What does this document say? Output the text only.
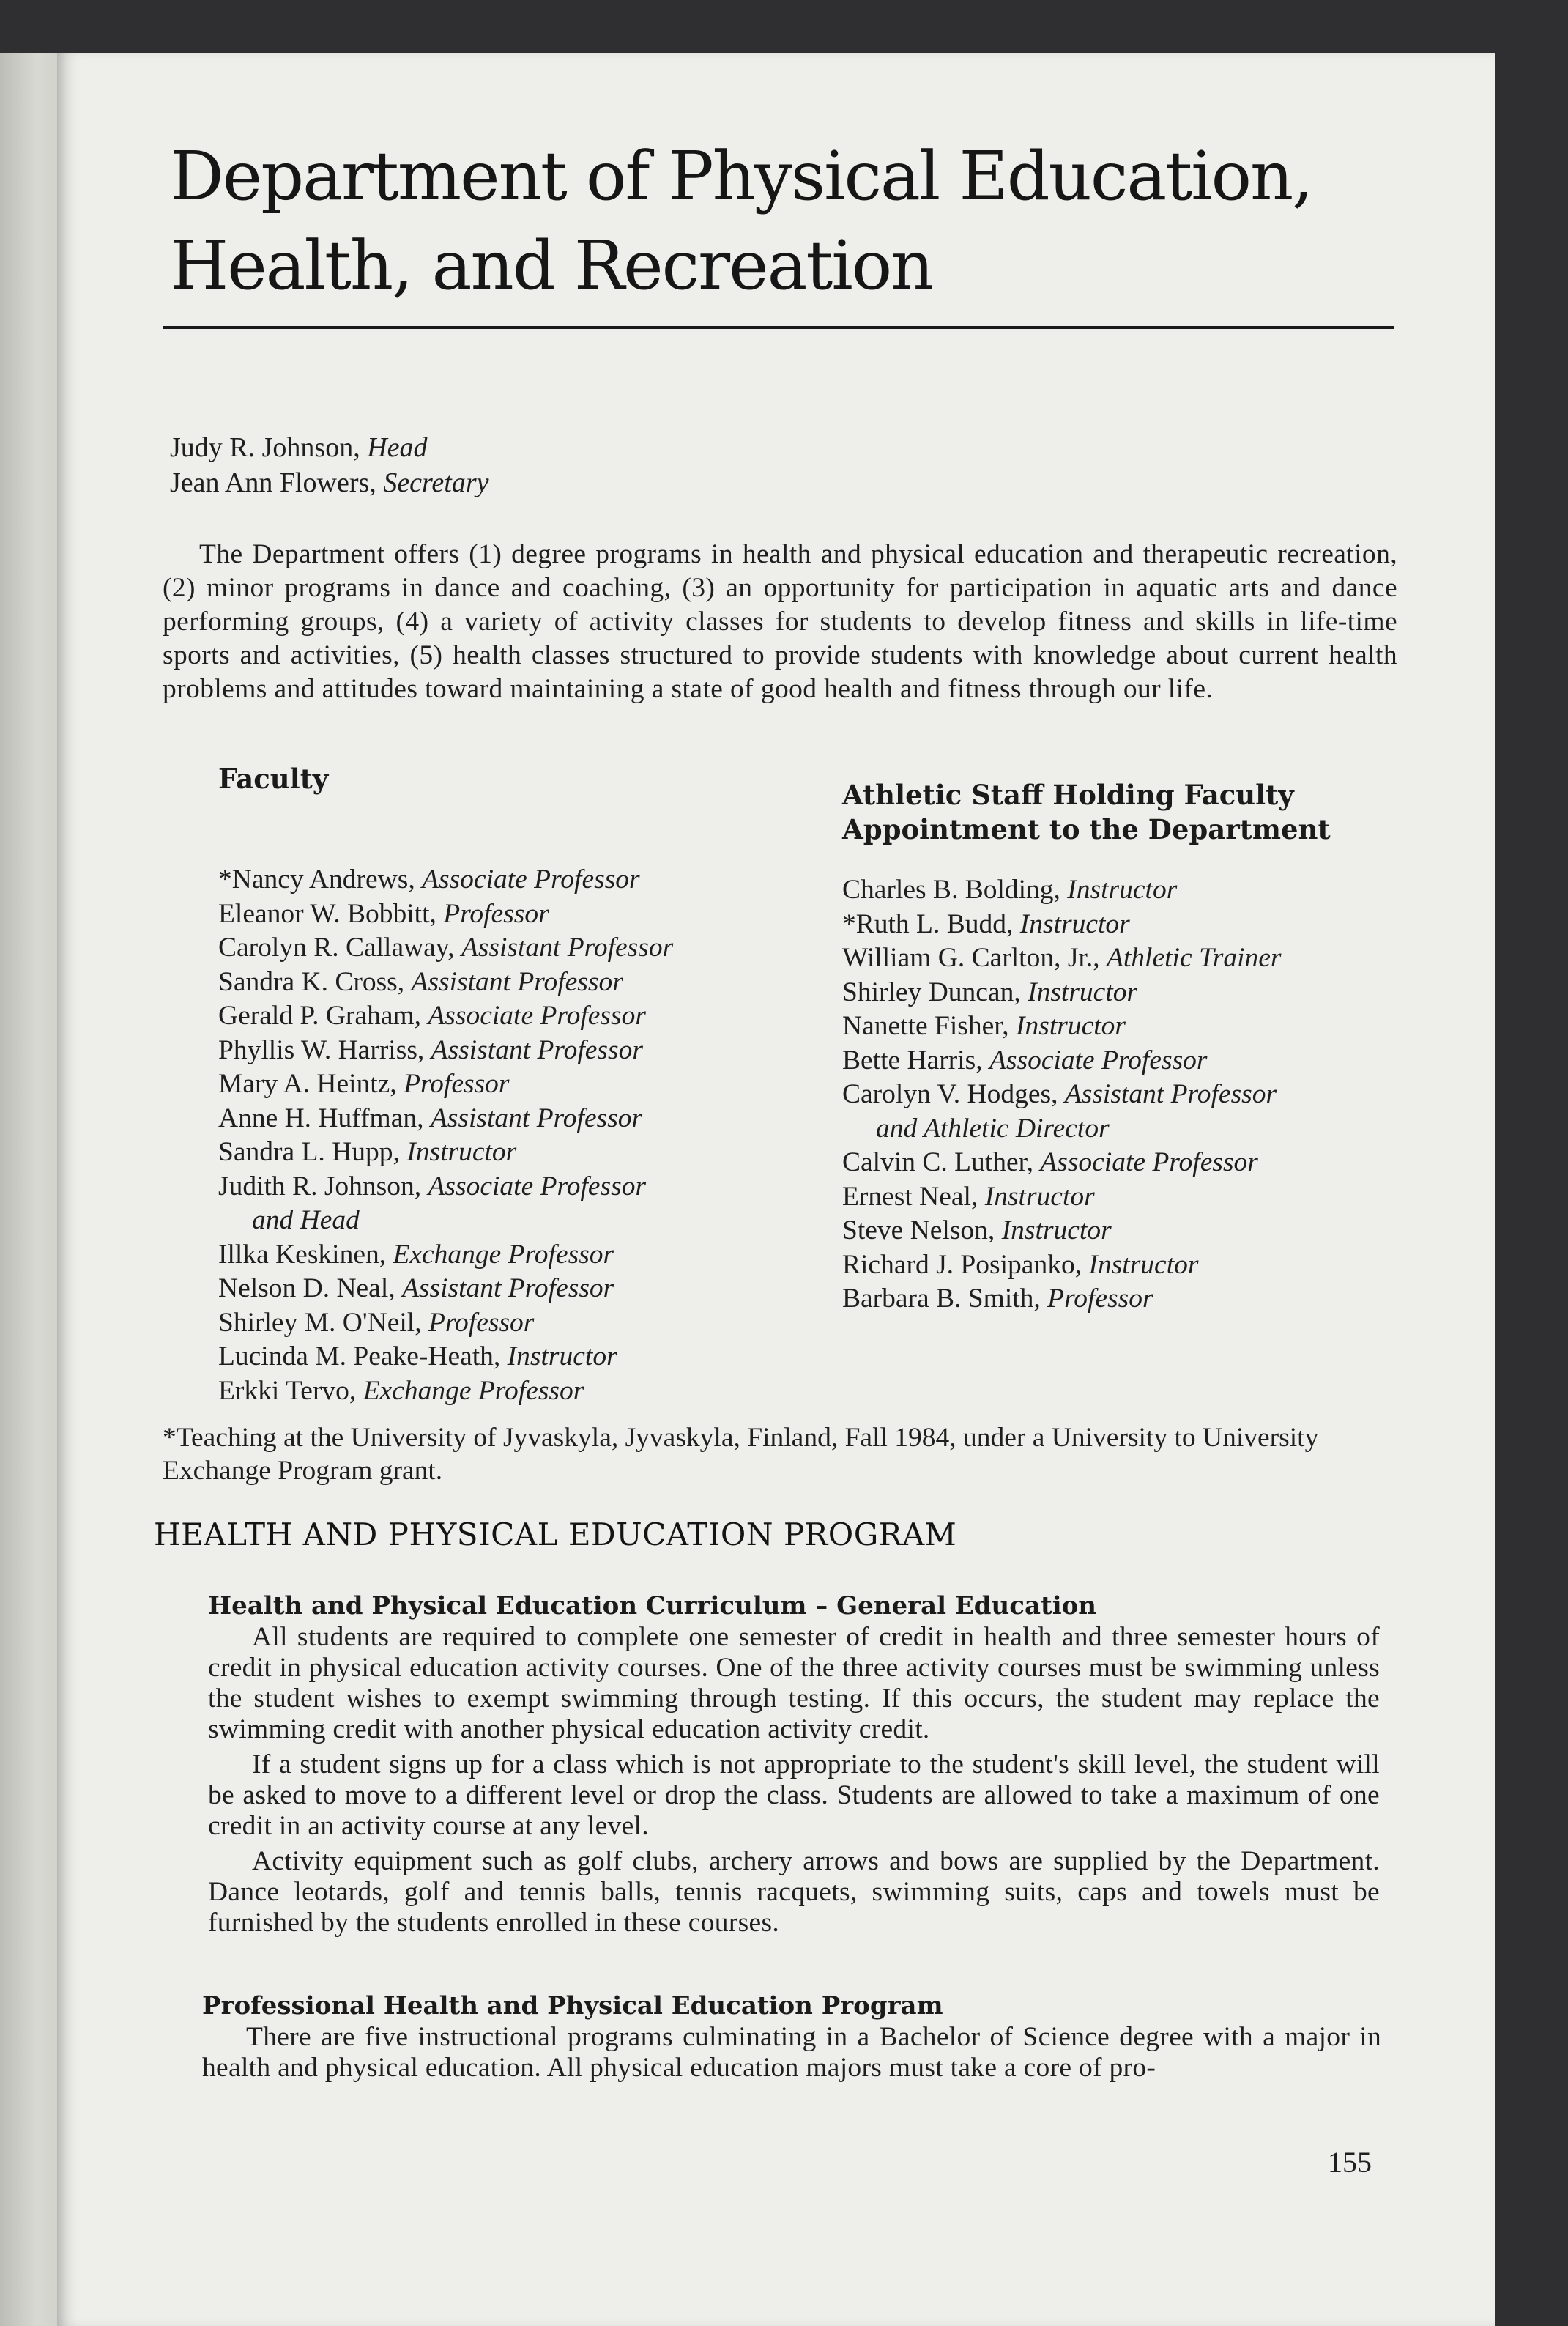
Department of Physical Education,
Health, and Recreation
Judy R. Johnson, Head
Jean Ann Flowers, Secretary

The Department offers (1) degree programs in health and physical education and therapeutic recreation, (2) minor programs in dance and coaching, (3) an opportunity for participation in aquatic arts and dance performing groups, (4) a variety of activity classes for students to develop fitness and skills in life-time sports and activities, (5) health classes structured to provide students with knowledge about current health problems and attitudes toward maintaining a state of good health and fitness through our life.

Faculty
*Nancy Andrews, Associate Professor
Eleanor W. Bobbitt, Professor
Carolyn R. Callaway, Assistant Professor
Sandra K. Cross, Assistant Professor
Gerald P. Graham, Associate Professor
Phyllis W. Harriss, Assistant Professor
Mary A. Heintz, Professor
Anne H. Huffman, Assistant Professor
Sandra L. Hupp, Instructor
Judith R. Johnson, Associate Professor
and Head
Illka Keskinen, Exchange Professor
Nelson D. Neal, Assistant Professor
Shirley M. O'Neil, Professor
Lucinda M. Peake-Heath, Instructor
Erkki Tervo, Exchange Professor
Athletic Staff Holding Faculty
Appointment to the Department
Charles B. Bolding, Instructor
*Ruth L. Budd, Instructor
William G. Carlton, Jr., Athletic Trainer
Shirley Duncan, Instructor
Nanette Fisher, Instructor
Bette Harris, Associate Professor
Carolyn V. Hodges, Assistant Professor
and Athletic Director
Calvin C. Luther, Associate Professor
Ernest Neal, Instructor
Steve Nelson, Instructor
Richard J. Posipanko, Instructor
Barbara B. Smith, Professor

*Teaching at the University of Jyvaskyla, Jyvaskyla, Finland, Fall 1984, under a University to University Exchange Program grant.

HEALTH AND PHYSICAL EDUCATION PROGRAM
Health and Physical Education Curriculum – General Education

All students are required to complete one semester of credit in health and three semester hours of credit in physical education activity courses. One of the three activity courses must be swimming unless the student wishes to exempt swimming through testing. If this occurs, the student may replace the swimming credit with another physical education activity credit.

If a student signs up for a class which is not appropriate to the student's skill level, the student will be asked to move to a different level or drop the class. Students are allowed to take a maximum of one credit in an activity course at any level.

Activity equipment such as golf clubs, archery arrows and bows are supplied by the Department. Dance leotards, golf and tennis balls, tennis racquets, swimming suits, caps and towels must be furnished by the students enrolled in these courses.

Professional Health and Physical Education Program

There are five instructional programs culminating in a Bachelor of Science degree with a major in health and physical education. All physical education majors must take a core of pro-

155
